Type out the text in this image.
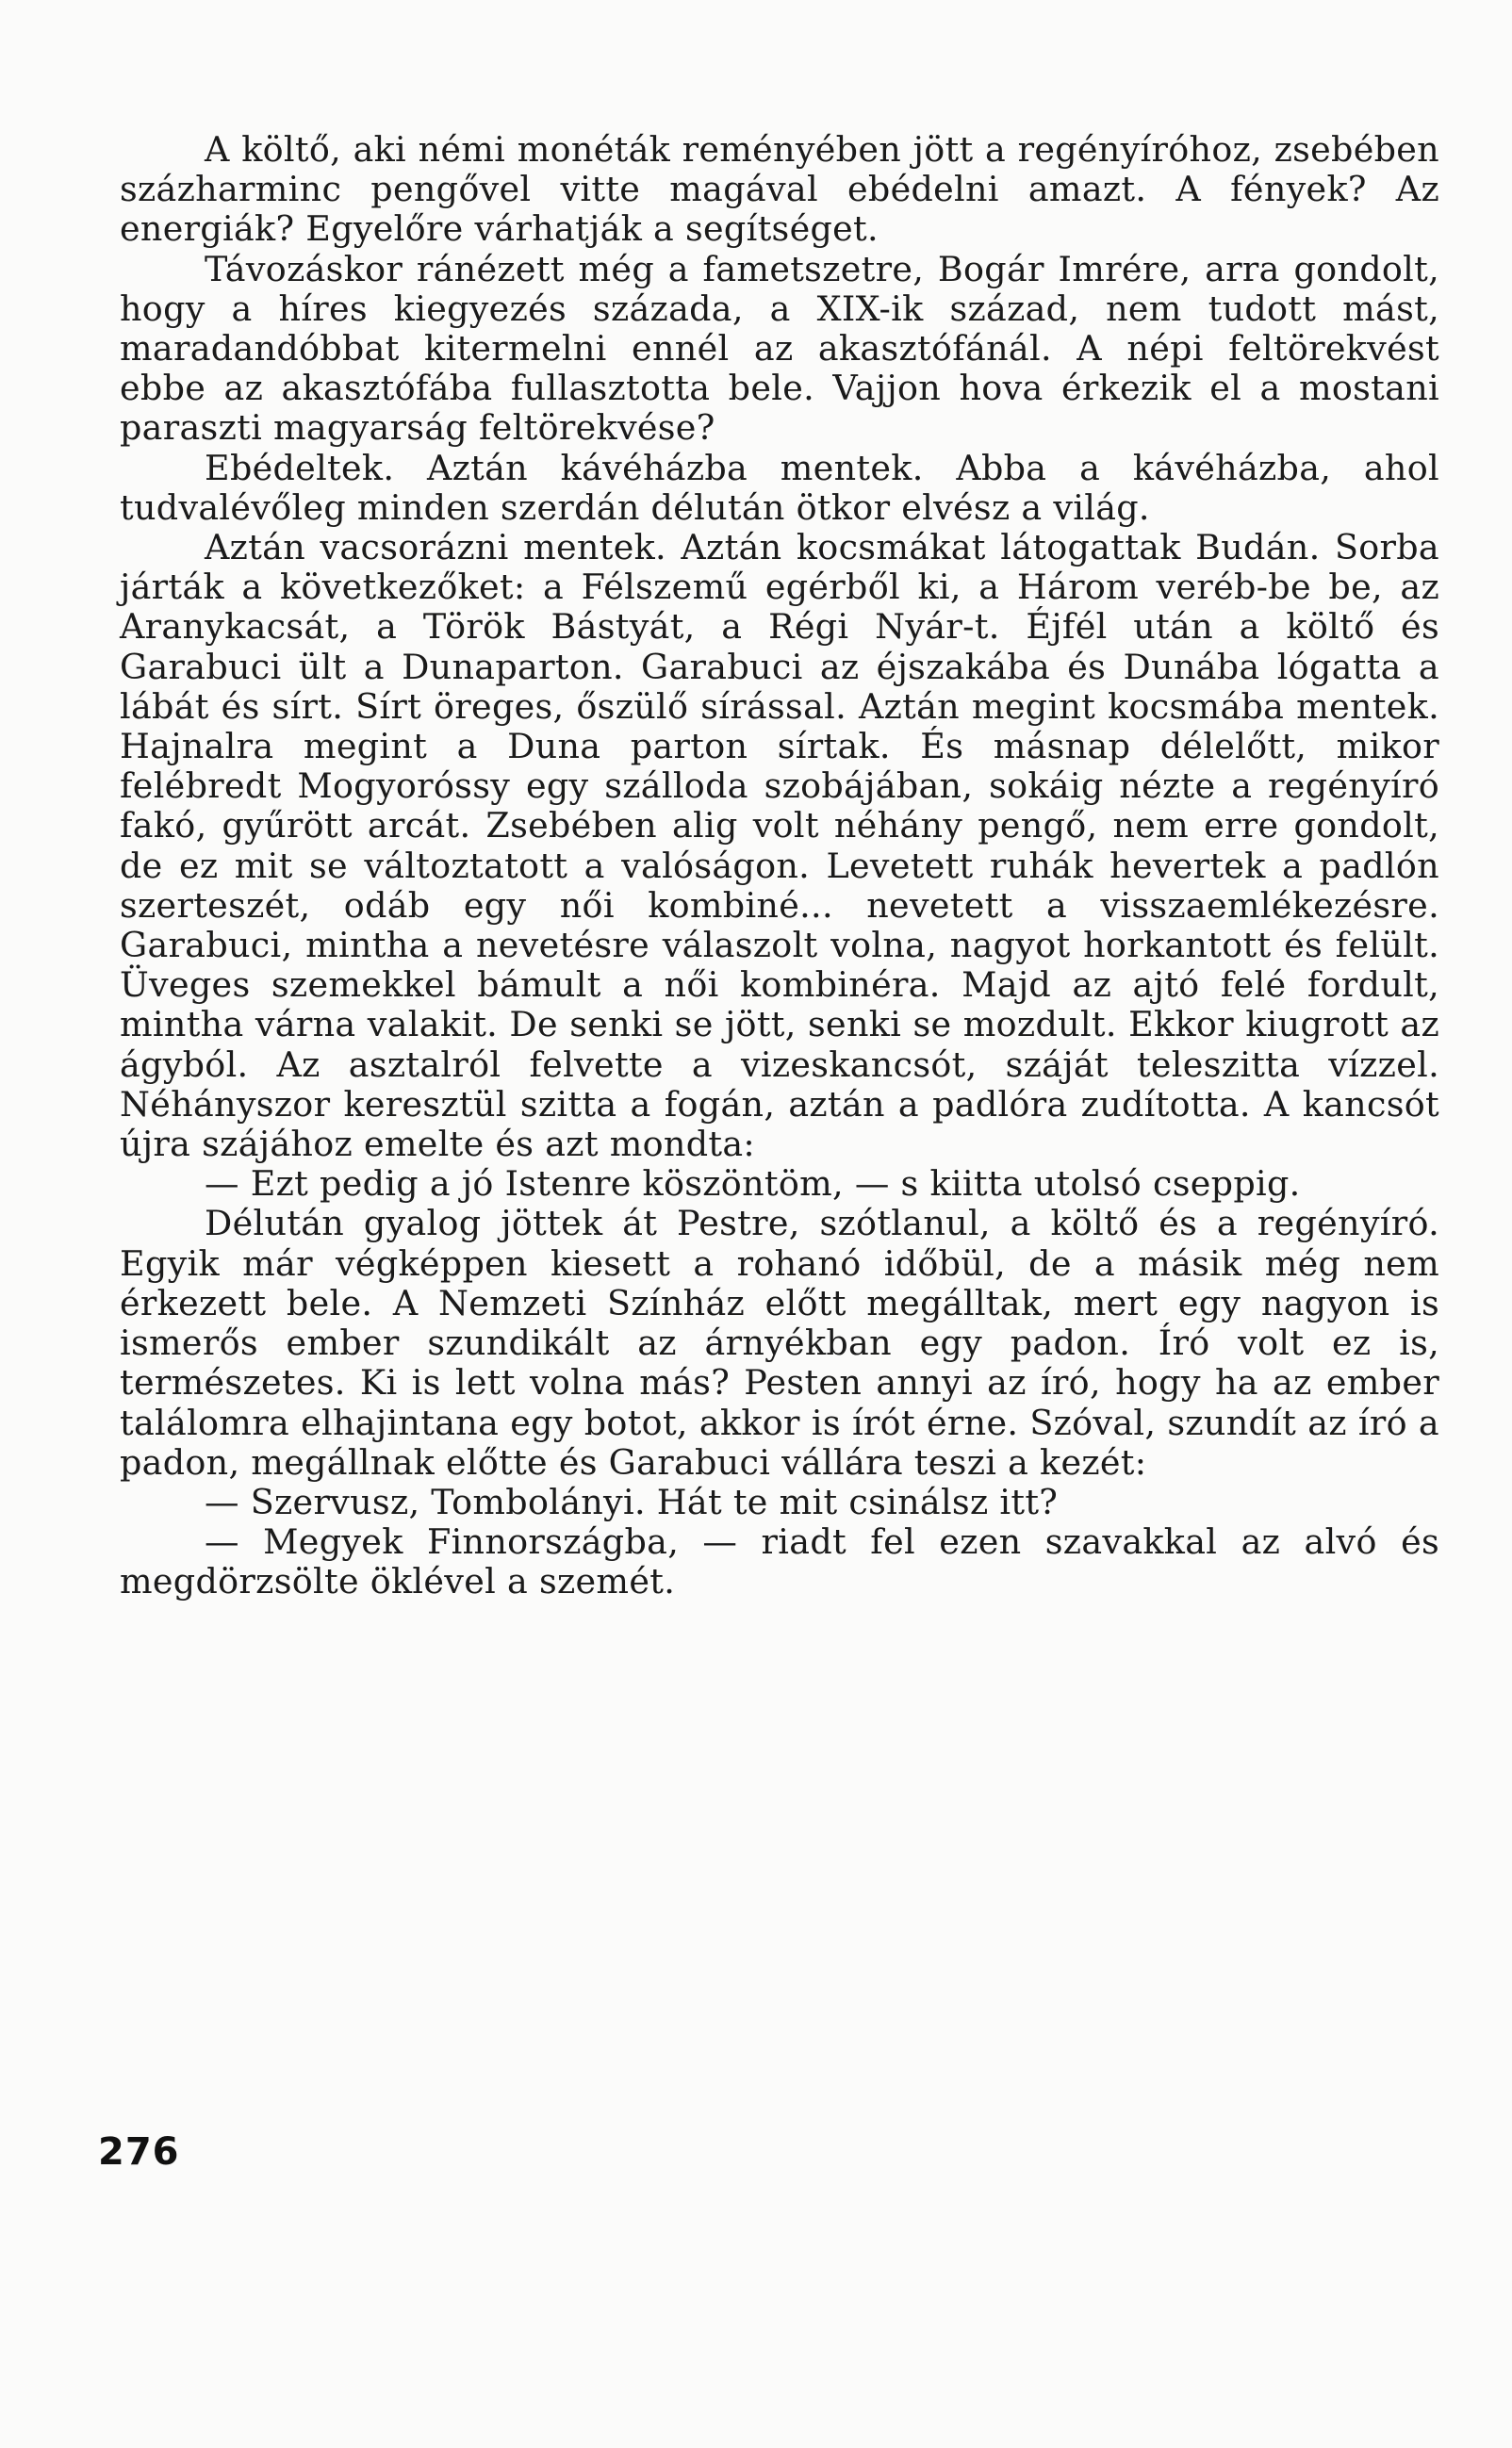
A költő, aki némi monéták reményében jött a regényíróhoz, zsebében százharminc pengővel vitte magával ebédelni amazt. A fények? Az energiák? Egyelőre várhatják a segítséget.

Távozáskor ránézett még a fametszetre, Bogár Imrére, arra gondolt, hogy a híres kiegyezés százada, a XIX-ik század, nem tudott mást, maradandóbbat kitermelni ennél az akasztófánál. A népi feltörekvést ebbe az akasztófába fullasztotta bele. Vajjon hova érkezik el a mostani paraszti magyarság feltörekvése?

Ebédeltek. Aztán kávéházba mentek. Abba a kávéházba, ahol tudvalévőleg minden szerdán délután ötkor elvész a világ.

Aztán vacsorázni mentek. Aztán kocsmákat látogattak Budán. Sorba járták a következőket: a Félszemű egérből ki, a Három veréb-be be, az Aranykacsát, a Török Bástyát, a Régi Nyár-t. Éjfél után a költő és Garabuci ült a Dunaparton. Garabuci az éjszakába és Dunába lógatta a lábát és sírt. Sírt öreges, őszülő sírással. Aztán megint kocsmába mentek. Hajnalra megint a Duna parton sírtak. És másnap délelőtt, mikor felébredt Mogyoróssy egy szálloda szobájában, sokáig nézte a regényíró fakó, gyűrött arcát. Zsebében alig volt néhány pengő, nem erre gondolt, de ez mit se változtatott a valóságon. Levetett ruhák hevertek a padlón szerteszét, odáb egy női kombiné... nevetett a visszaemlékezésre. Garabuci, mintha a nevetésre válaszolt volna, nagyot horkantott és felült. Üveges szemekkel bámult a női kombinéra. Majd az ajtó felé fordult, mintha várna valakit. De senki se jött, senki se mozdult. Ekkor kiugrott az ágyból. Az asztalról felvette a vizeskancsót, száját teleszitta vízzel. Néhányszor keresztül szitta a fogán, aztán a padlóra zudította. A kancsót újra szájához emelte és azt mondta:

— Ezt pedig a jó Istenre köszöntöm, — s kiitta utolsó cseppig.

Délután gyalog jöttek át Pestre, szótlanul, a költő és a regényíró. Egyik már végképpen kiesett a rohanó időbül, de a másik még nem érkezett bele. A Nemzeti Színház előtt megálltak, mert egy nagyon is ismerős ember szundikált az árnyékban egy padon. Író volt ez is, természetes. Ki is lett volna más? Pesten annyi az író, hogy ha az ember találomra elhajintana egy botot, akkor is írót érne. Szóval, szundít az író a padon, megállnak előtte és Garabuci vállára teszi a kezét:

— Szervusz, Tombolányi. Hát te mit csinálsz itt?

— Megyek Finnországba, — riadt fel ezen szavakkal az alvó és megdörzsölte öklével a szemét.

276
